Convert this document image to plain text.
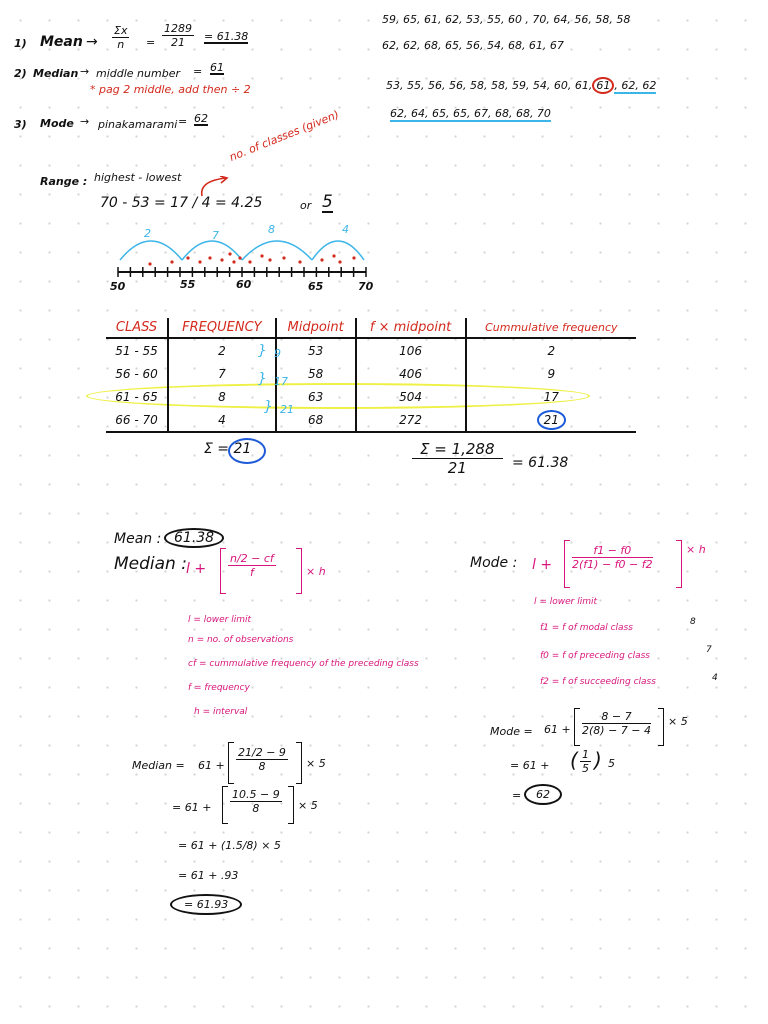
1) Mean → $\frac{\Sigma x}{n} = \frac{1289}{21} = 61.38$
2) Median → middle number = 61
* pag 2 middle, add then ÷ 2
3) Mode → pinakamarami = 62
59, 65, 61, 62, 53, 55, 60 , 70, 64, 56, 58, 58
62, 62, 68, 65, 56, 54, 68, 61, 67
53, 55, 56, 56, 58, 58, 59, 54, 60, 61, 61 , 62, 62
62, 64, 65, 65, 67, 68, 68, 70
Range : highest - lowest
no. of classes (given)
70 - 53 = 17 / 4 = 4.25	or 5
2	7	8	4
50	55	60	65	70
CLASS	FREQUENCY	Midpoint	f × midpoint	Cummulative frequency
51 - 55	2	53	106	2
56 - 60	7	58	406	9
61 - 65	8	63	504	17
66 - 70	4	68	272	21
} 9
} 17
} 21
Σ = 21	$\frac{\Sigma = 1,288}{21} = 61.38$
Mean : 61.38
Median : $l + \frac{n/2 - cf}{f}$	× h
l = lower limit
n = no. of observations
cf = cummulative frequency of the preceding class
f = frequency
h = interval
Median = $61 + \frac{21/2 - 9}{8} \times 5$
= $61 + \frac{10.5 - 9}{8} \times 5$
= 61 + (1.5/8) × 5
= 61 + .93
= 61.93
Mode : $l + \frac{f1 - f0}{2(f1) - f0 - f2}$	× h
l = lower limit
f1 = f of modal class
8
f0 = f of preceding class
7
f2 = f of succeeding class	4
Mode = $61 + \frac{8 - 7}{2(8) - 7 - 4} \times 5$
= 61 + ( $\frac{1}{5}$ ) 5
=	62
